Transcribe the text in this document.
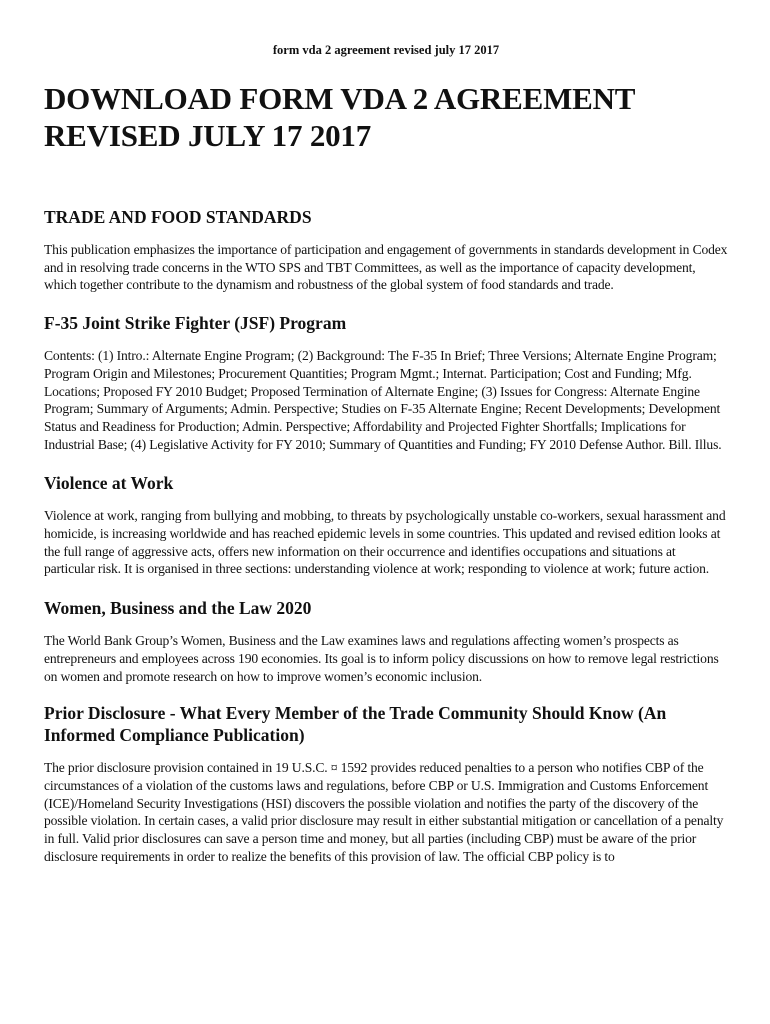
form vda 2 agreement revised july 17 2017
DOWNLOAD FORM VDA 2 AGREEMENT REVISED JULY 17 2017
TRADE AND FOOD STANDARDS

This publication emphasizes the importance of participation and engagement of governments in standards development in Codex and in resolving trade concerns in the WTO SPS and TBT Committees, as well as the importance of capacity development, which together contribute to the dynamism and robustness of the global system of food standards and trade.

F-35 Joint Strike Fighter (JSF) Program

Contents: (1) Intro.: Alternate Engine Program; (2) Background: The F-35 In Brief; Three Versions; Alternate Engine Program; Program Origin and Milestones; Procurement Quantities; Program Mgmt.; Internat. Participation; Cost and Funding; Mfg. Locations; Proposed FY 2010 Budget; Proposed Termination of Alternate Engine; (3) Issues for Congress: Alternate Engine Program; Summary of Arguments; Admin. Perspective; Studies on F-35 Alternate Engine; Recent Developments; Development Status and Readiness for Production; Admin. Perspective; Affordability and Projected Fighter Shortfalls; Implications for Industrial Base; (4) Legislative Activity for FY 2010; Summary of Quantities and Funding; FY 2010 Defense Author. Bill. Illus.

Violence at Work

Violence at work, ranging from bullying and mobbing, to threats by psychologically unstable co-workers, sexual harassment and homicide, is increasing worldwide and has reached epidemic levels in some countries. This updated and revised edition looks at the full range of aggressive acts, offers new information on their occurrence and identifies occupations and situations at particular risk. It is organised in three sections: understanding violence at work; responding to violence at work; future action.

Women, Business and the Law 2020

The World Bank Group’s Women, Business and the Law examines laws and regulations affecting women’s prospects as entrepreneurs and employees across 190 economies. Its goal is to inform policy discussions on how to remove legal restrictions on women and promote research on how to improve women’s economic inclusion.

Prior Disclosure - What Every Member of the Trade Community Should Know (An Informed Compliance Publication)

The prior disclosure provision contained in 19 U.S.C. ¤ 1592 provides reduced penalties to a person who notifies CBP of the circumstances of a violation of the customs laws and regulations, before CBP or U.S. Immigration and Customs Enforcement (ICE)/Homeland Security Investigations (HSI) discovers the possible violation and notifies the party of the discovery of the possible violation. In certain cases, a valid prior disclosure may result in either substantial mitigation or cancellation of a penalty in full. Valid prior disclosures can save a person time and money, but all parties (including CBP) must be aware of the prior disclosure requirements in order to realize the benefits of this provision of law. The official CBP policy is to
